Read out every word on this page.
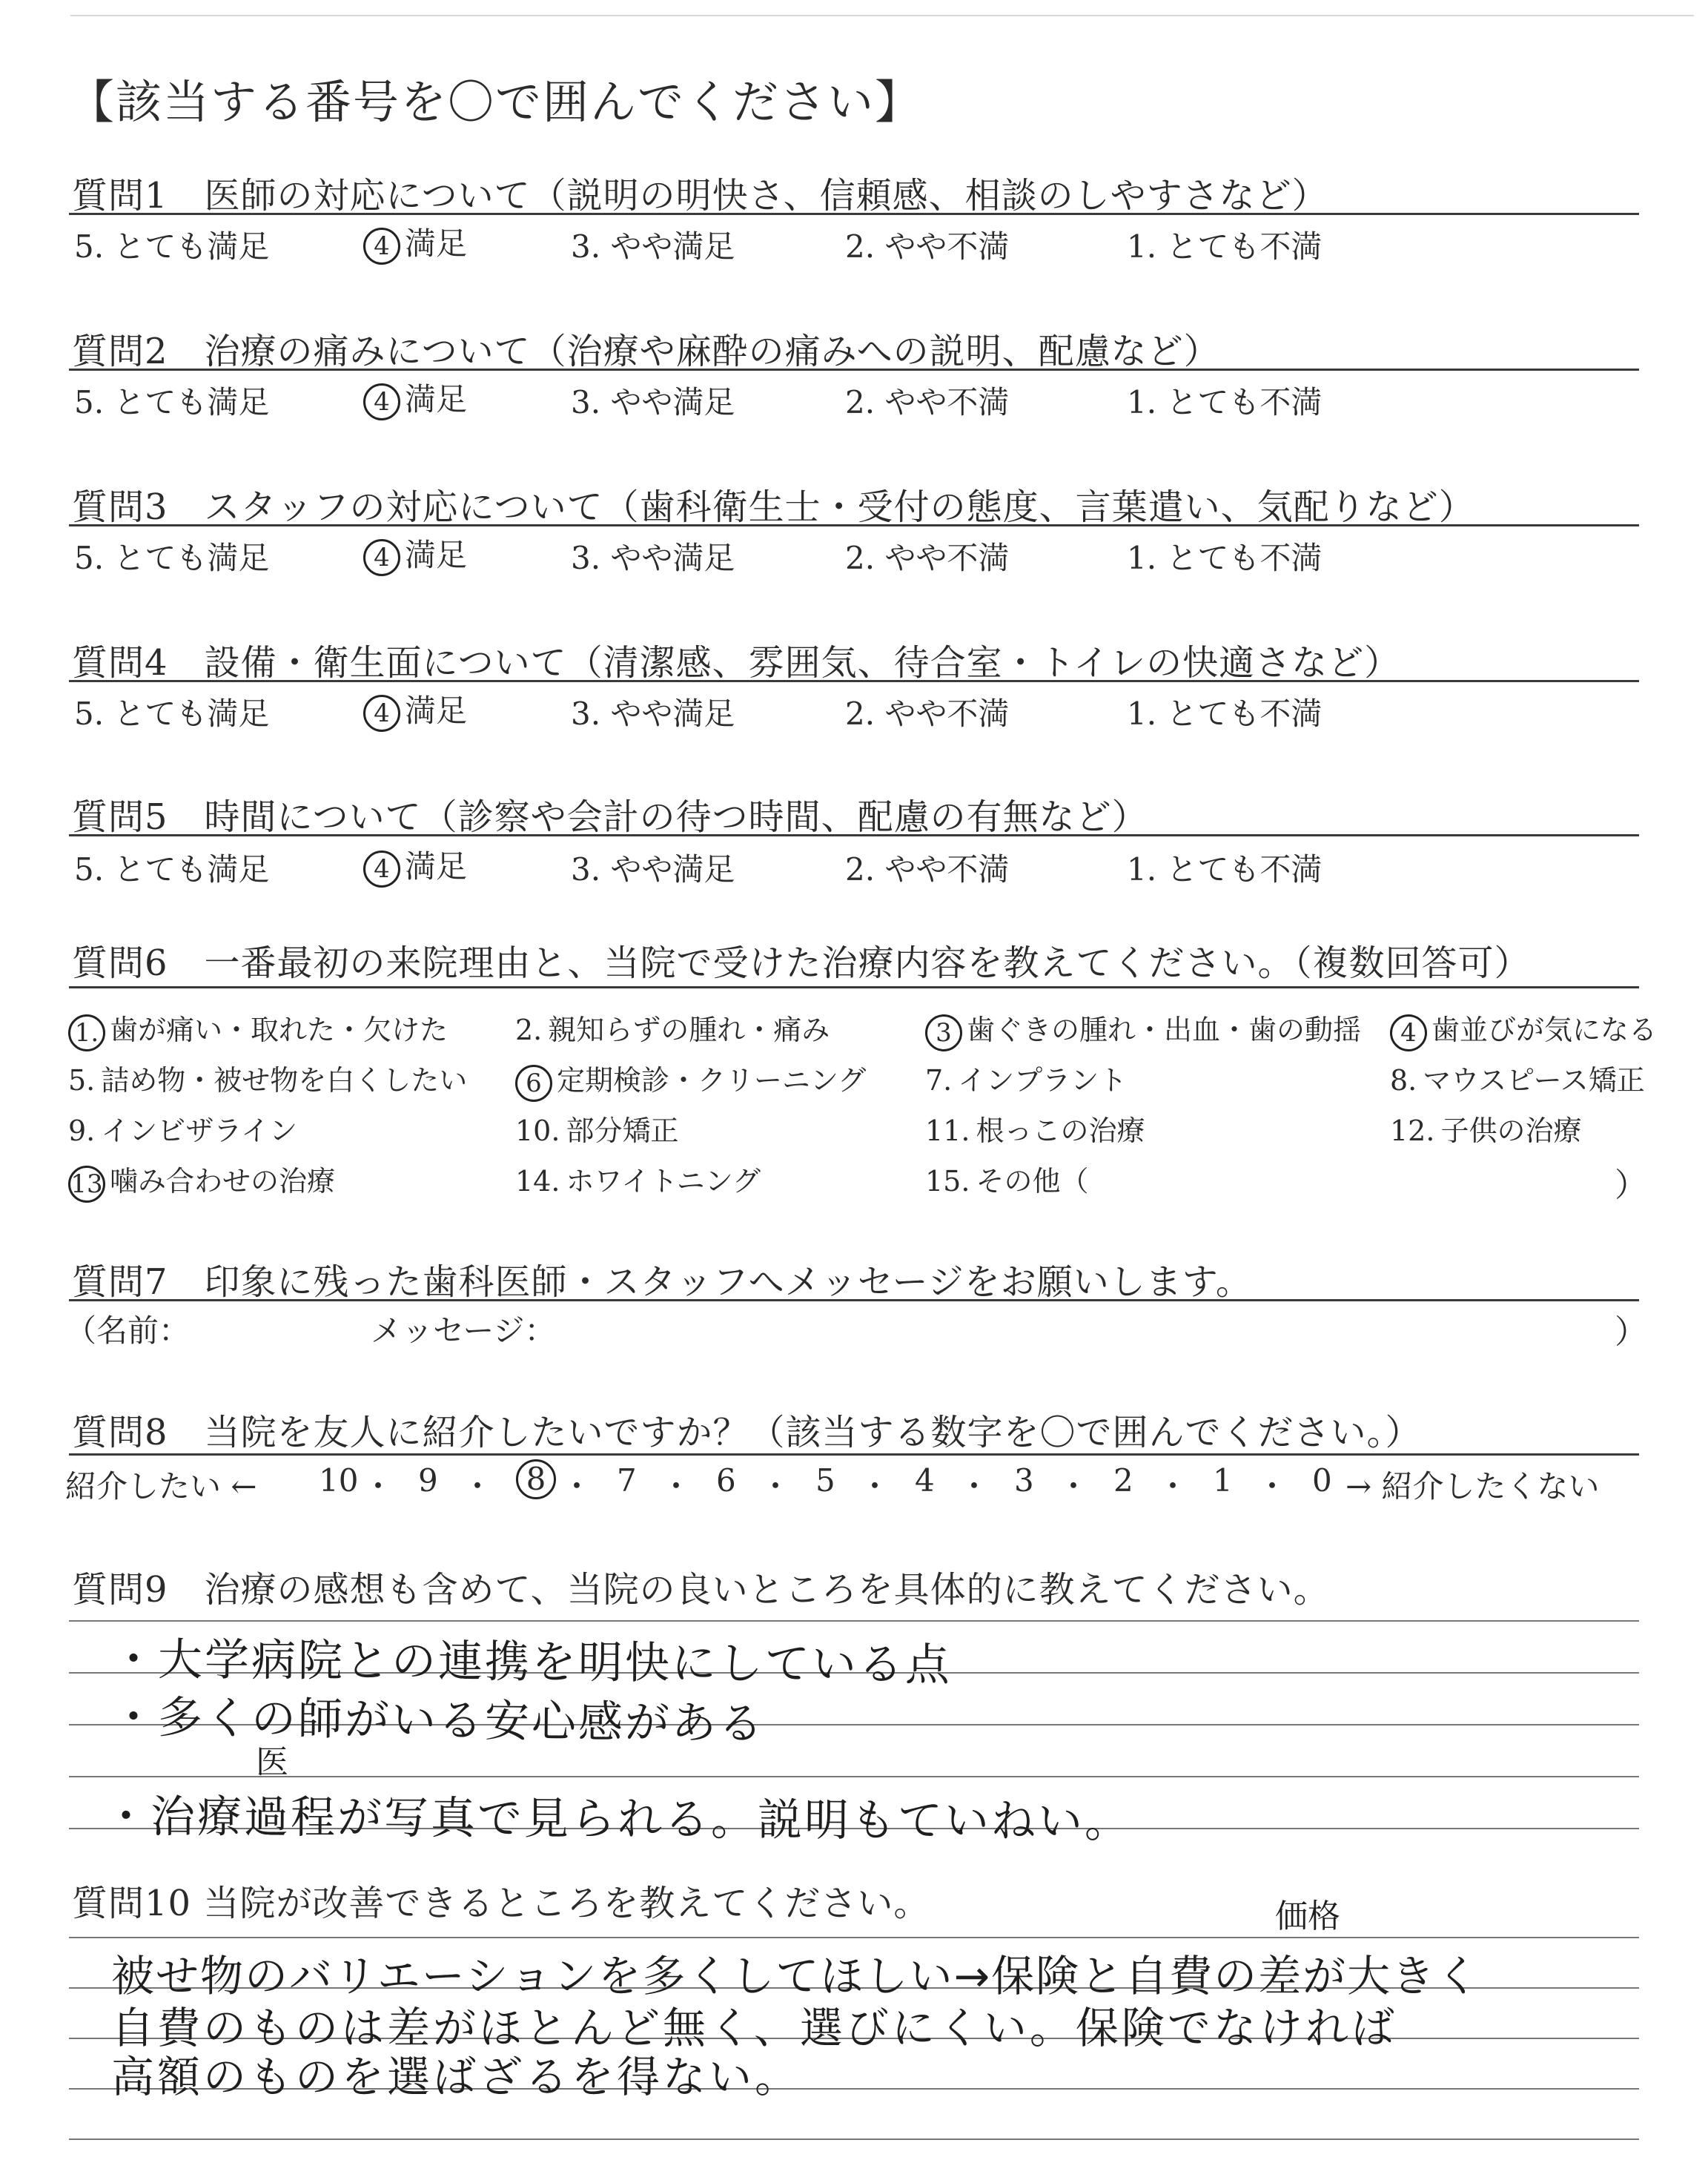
【該当する番号を〇で囲んでください】
質問1　医師の対応について（説明の明快さ、信頼感、相談のしやすさなど）
5. とても満足	4 満足	3. やや満足	2. やや不満	1. とても不満
質問2　治療の痛みについて（治療や麻酔の痛みへの説明、配慮など）
5. とても満足	4 満足	3. やや満足	2. やや不満	1. とても不満
質問3　スタッフの対応について（歯科衛生士・受付の態度、言葉遣い、気配りなど）
5. とても満足	4 満足	3. やや満足	2. やや不満	1. とても不満
質問4　設備・衛生面について（清潔感、雰囲気、待合室・トイレの快適さなど）
5. とても満足	4 満足	3. やや満足	2. やや不満	1. とても不満
質問5　時間について（診察や会計の待つ時間、配慮の有無など）
5. とても満足	4 満足	3. やや満足	2. やや不満	1. とても不満
質問6　一番最初の来院理由と、当院で受けた治療内容を教えてください。（複数回答可）
1. 歯が痛い・取れた・欠けた 2. 親知らずの腫れ・痛み	3 歯ぐきの腫れ・出血・歯の動揺	4 歯並びが気になる
5. 詰め物・被せ物を白くしたい	6 定期検診・クリーニング 7. インプラント	8. マウスピース矯正
9. インビザライン	10. 部分矯正	11. 根っこの治療	12. 子供の治療
13 噛み合わせの治療	14. ホワイトニング	15. その他（	）
質問7　印象に残った歯科医師・スタッフへメッセージをお願いします。
（名前：	メッセージ：	）
質問8　当院を友人に紹介したいですか？（該当する数字を〇で囲んでください。）
紹介したい ← 10 ・ 9 ・	8 ・ 7 ・ 6 ・ 5 ・ 4 ・ 3 ・ 2 ・ 1 ・ 0 → 紹介したくない
質問9　治療の感想も含めて、当院の良いところを具体的に教えてください。
・大学病院との連携を明快にしている点
・多くの師がいる安心感がある
医
・治療過程が写真で見られる。説明もていねい。
質問10 当院が改善できるところを教えてください。	価格
被せ物のバリエーションを多くしてほしい→保険と自費の差が大きく
自費のものは差がほとんど無く、選びにくい。保険でなければ
高額のものを選ばざるを得ない。
